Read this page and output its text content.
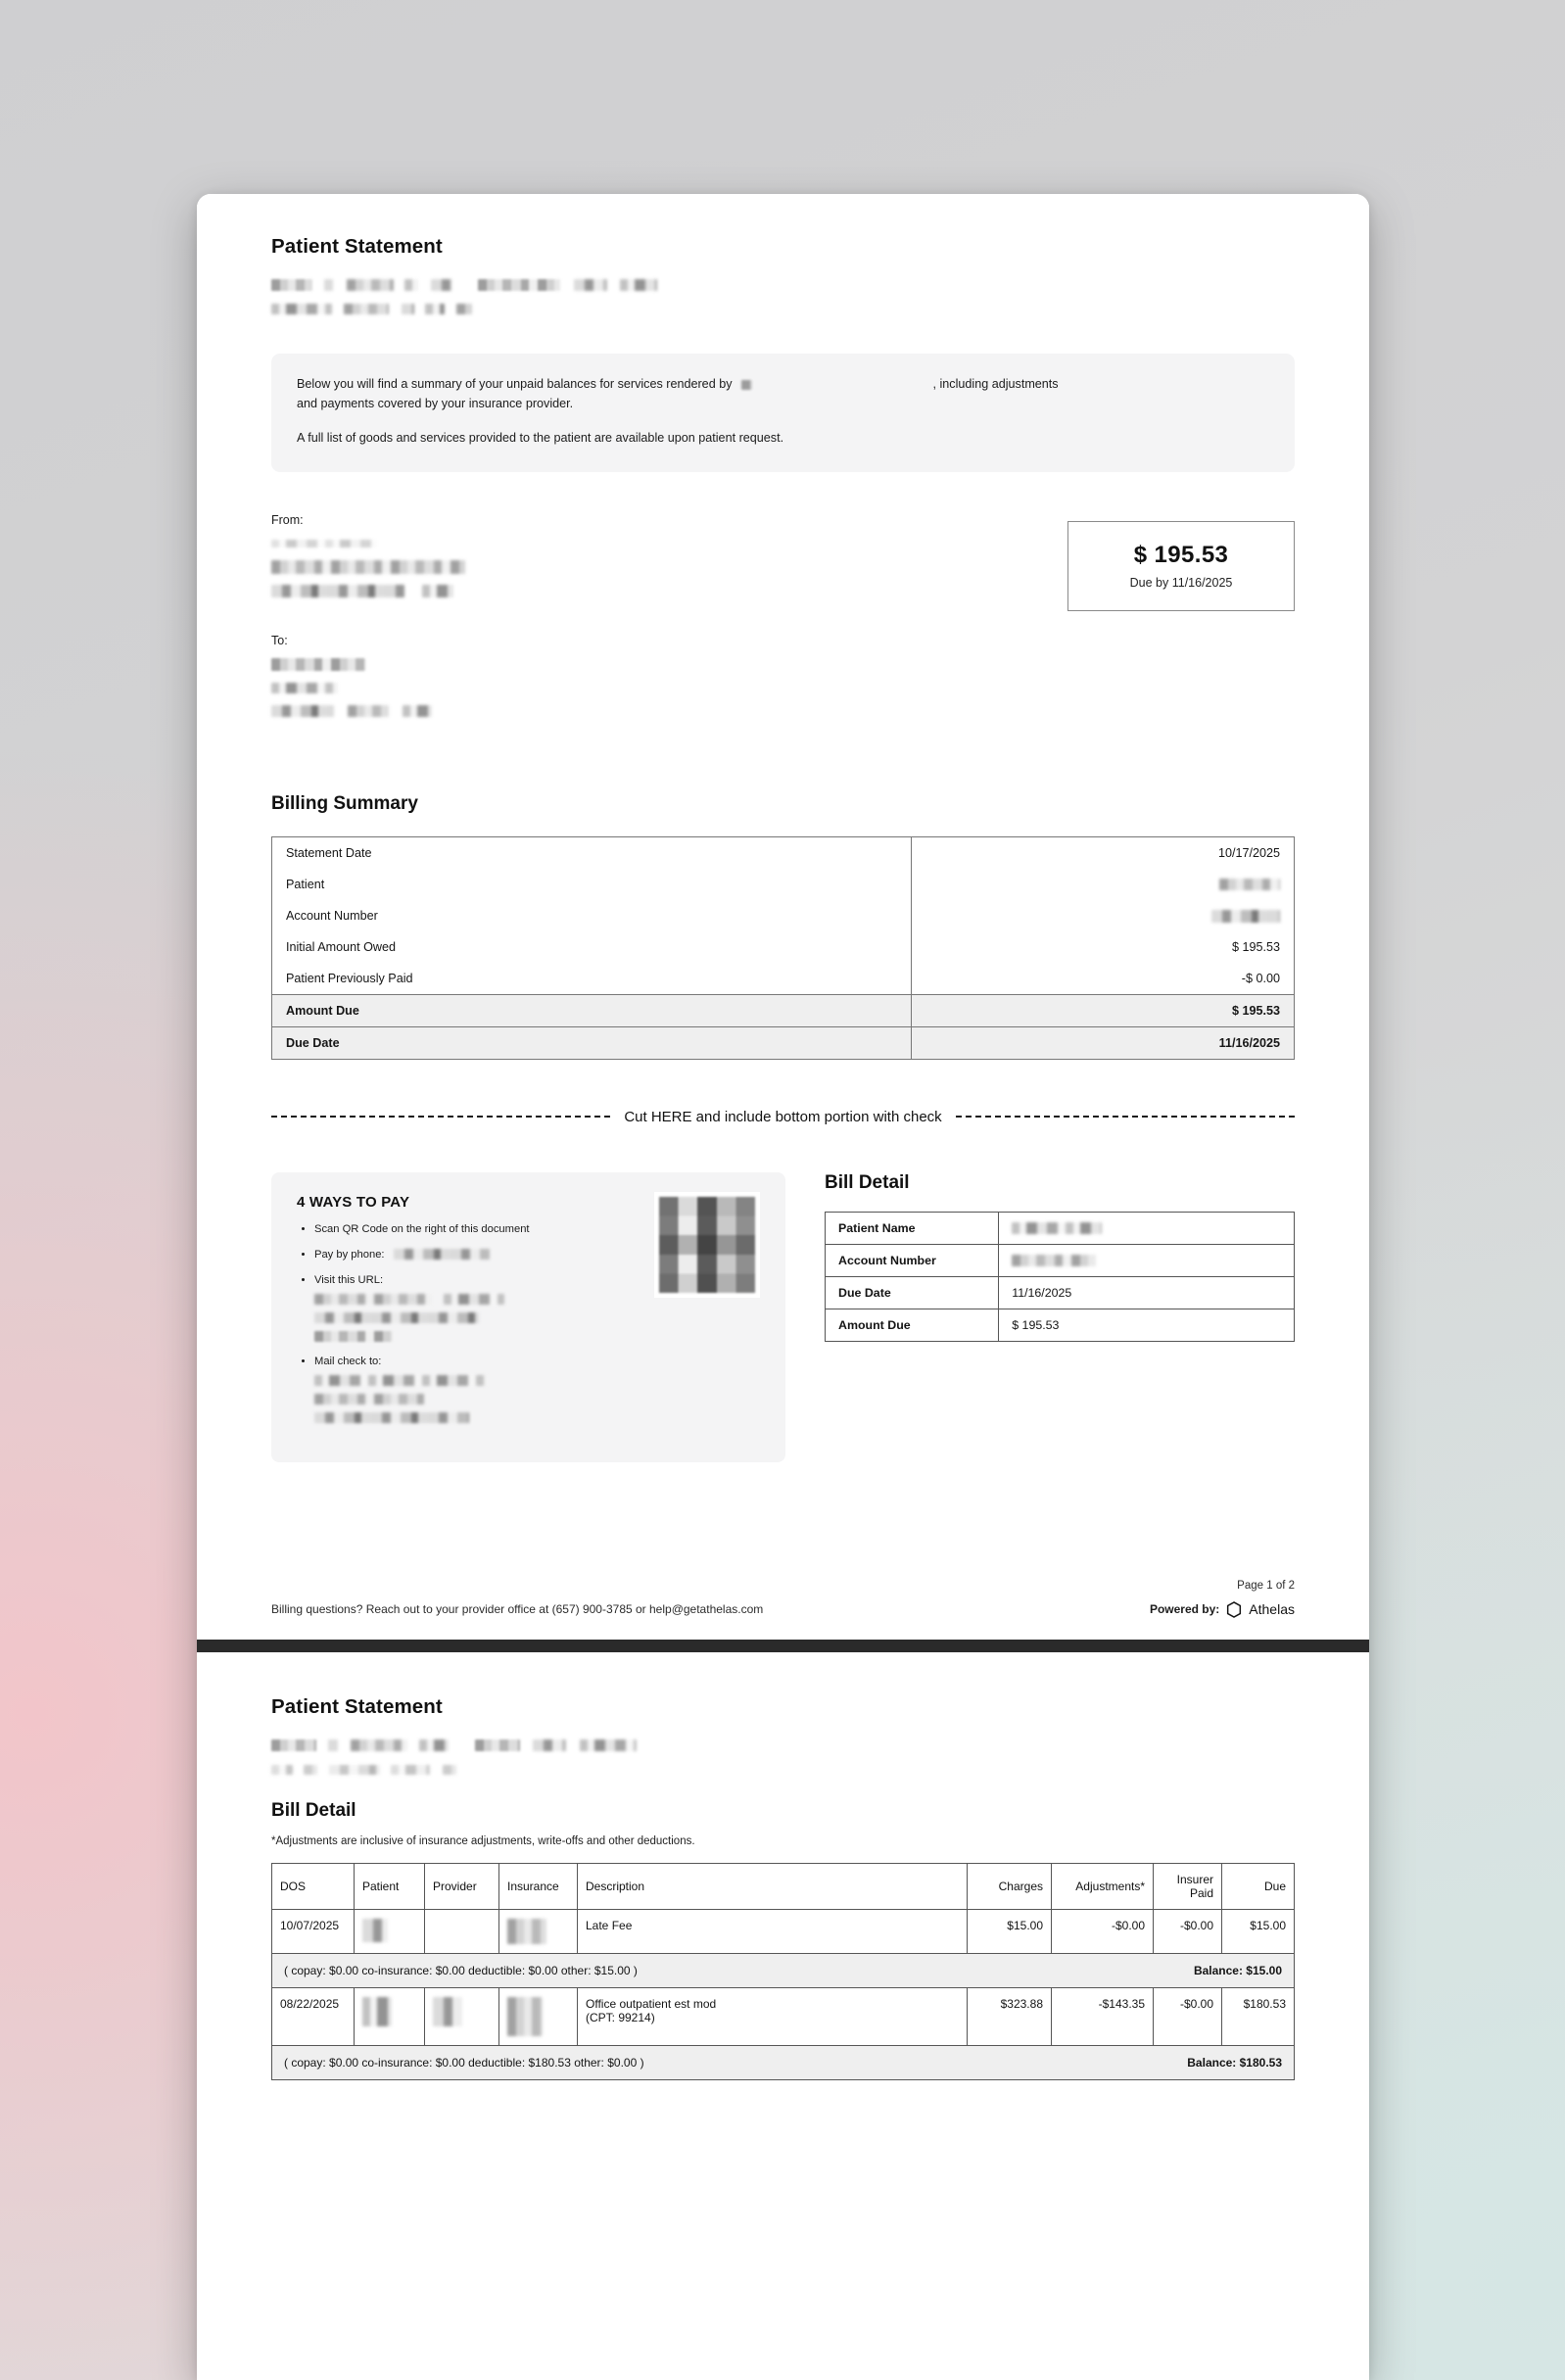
Patient Statement

Below you will find a summary of your unpaid balances for services rendered by	, including adjustments
and payments covered by your insurance provider.

A full list of goods and services provided to the patient are available upon patient request.

From:

To:

$ 195.53
Due by 11/16/2025
Billing Summary
Statement Date	10/17/2025
Patient	
Account Number	
Initial Amount Owed	$ 195.53
Patient Previously Paid	-$ 0.00
Amount Due	$ 195.53
Due Date	11/16/2025
Cut HERE and include bottom portion with check
4 WAYS TO PAY
• Scan QR Code on the right of this document
• Pay by phone:
• Visit this URL:

• Mail check to:
Bill Detail
Patient Name	
Account Number	
Due Date	11/16/2025
Amount Due	$ 195.53
Page 1 of 2
Billing questions? Reach out to your provider office at (657) 900-3785 or help@getathelas.com	Powered by: Athelas
Patient Statement

Bill Detail
*Adjustments are inclusive of insurance adjustments, write-offs and other deductions.
DOS	Patient	Provider	Insurance	Description	Charges	Adjustments*	Insurer Paid	Due
10/07/2025				Late Fee	$15.00	-$0.00	-$0.00	$15.00

( copay: $0.00 co-insurance: $0.00 deductible: $0.00 other: $15.00 ) Balance: $15.00								

08/22/2025				Office outpatient est mod
(CPT: 99214)	$323.88	-$143.35	-$0.00	$180.53

( copay: $0.00 co-insurance: $0.00 deductible: $180.53 other: $0.00 ) Balance: $180.53								
